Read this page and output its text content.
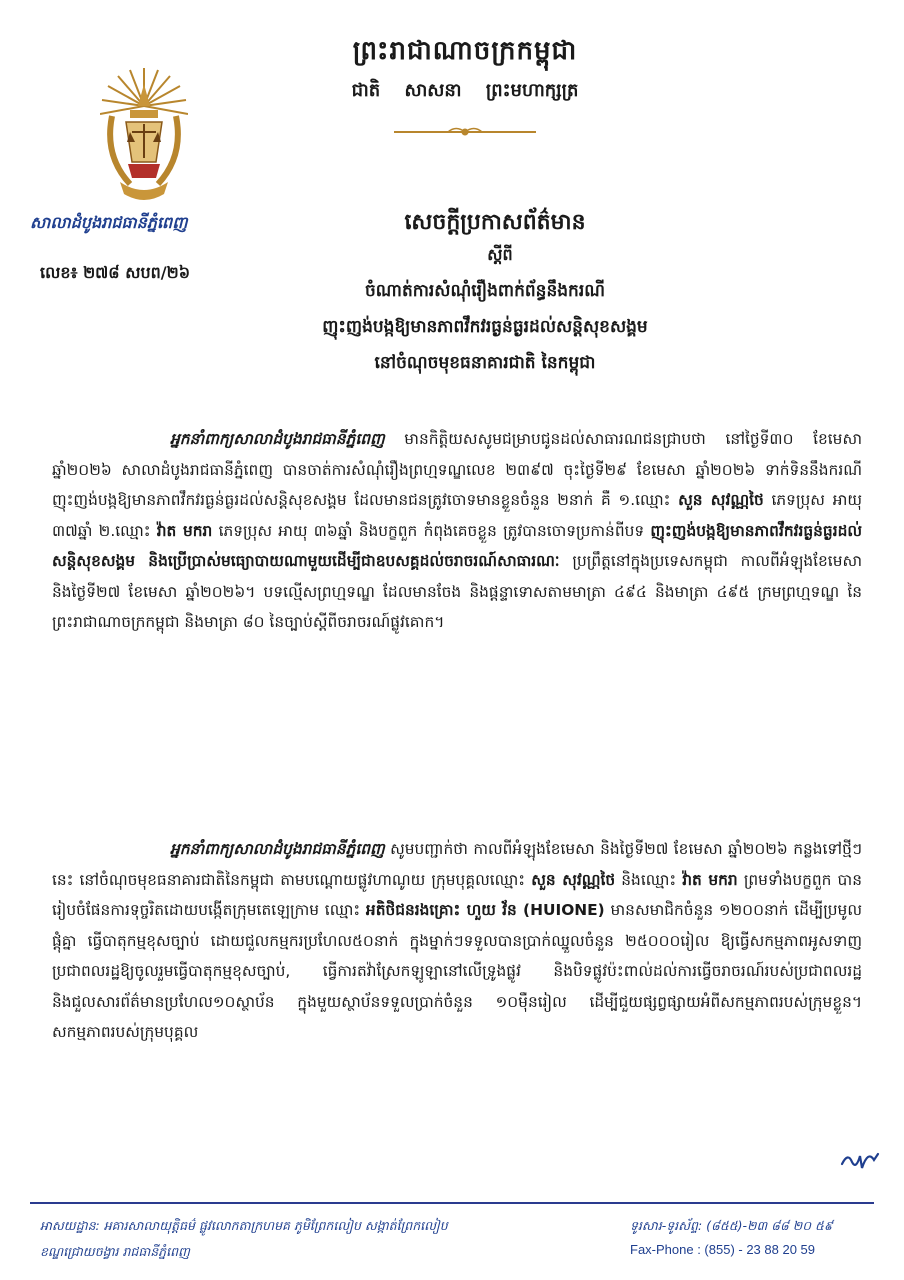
ព្រះរាជាណាចក្រកម្ពុជា
ជាតិ សាសនា ព្រះមហាក្សត្រ
សាលាដំបូងរាជធានីភ្នំពេញ
លេខ៖ ២៧៨ សបព/២៦
សេចក្តីប្រកាសព័ត៌មាន
ស្តីពី
ចំណាត់ការសំណុំរឿងពាក់ព័ន្ធនឹងករណី
ញុះញង់បង្កឱ្យមានភាពវឹកវរធ្ងន់ធ្ងរដល់សន្តិសុខសង្គម
នៅចំណុចមុខធនាគារជាតិ នៃកម្ពុជា

អ្នកនាំពាក្យសាលាដំបូងរាជធានីភ្នំពេញ មានកិត្តិយសសូមជម្រាបជូនដល់សាធារណជនជ្រាបថា នៅថ្ងៃទី៣០ ខែមេសា ឆ្នាំ២០២៦ សាលាដំបូងរាជធានីភ្នំពេញ បានចាត់ការសំណុំរឿងព្រហ្មទណ្ឌលេខ ២៣៩៧ ចុះថ្ងៃទី២៩ ខែមេសា ឆ្នាំ២០២៦ ទាក់ទិននឹងករណីញុះញង់បង្កឱ្យមានភាពវឹកវរធ្ងន់ធ្ងរដល់សន្តិសុខសង្គម ដែលមានជនត្រូវចោទមានខ្លួនចំនួន ២នាក់ គឺ ១.ឈ្មោះ សួន សុវណ្ណថៃ ភេទប្រុស អាយុ ៣៧ឆ្នាំ ២.ឈ្មោះ វ៉ាត មករា ភេទប្រុស អាយុ ៣៦ឆ្នាំ និងបក្ខពួក កំពុងគេចខ្លួន ត្រូវបានចោទប្រកាន់ពីបទ ញុះញង់បង្កឱ្យមានភាពវឹកវរធ្ងន់ធ្ងរដល់សន្តិសុខសង្គម និងប្រើប្រាស់មធ្យោបាយណាមួយដើម្បីជាឧបសគ្គដល់ចរាចរណ៍សាធារណៈ ប្រព្រឹត្តនៅក្នុងប្រទេសកម្ពុជា កាលពីអំឡុងខែមេសា និងថ្ងៃទី២៧ ខែមេសា ឆ្នាំ២០២៦។ បទល្មើសព្រហ្មទណ្ឌ ដែលមានចែង និងផ្តន្ទាទោសតាមមាត្រា ៤៩៤ និងមាត្រា ៤៩៥ ក្រមព្រហ្មទណ្ឌ នៃព្រះរាជាណាចក្រកម្ពុជា និងមាត្រា ៨០ នៃច្បាប់ស្តីពីចរាចរណ៍ផ្លូវគោក។

អ្នកនាំពាក្យសាលាដំបូងរាជធានីភ្នំពេញ សូមបញ្ជាក់ថា កាលពីអំឡុងខែមេសា និងថ្ងៃទី២៧ ខែមេសា ឆ្នាំ២០២៦ កន្លងទៅថ្មីៗនេះ នៅចំណុចមុខធនាគារជាតិនៃកម្ពុជា តាមបណ្តោយផ្លូវហាណូយ ក្រុមបុគ្គលឈ្មោះ សួន សុវណ្ណថៃ និងឈ្មោះ វ៉ាត មករា ព្រមទាំងបក្ខពួក បានរៀបចំផែនការទុច្ចរិតដោយបង្កើតក្រុមតេឡេក្រាម ឈ្មោះ អតិថិជនរងគ្រោះ ហួយ វ័ន (HUIONE) មានសមាជិកចំនួន ១២០០នាក់ ដើម្បីប្រមូលផ្តុំគ្នា ធ្វើបាតុកម្មខុសច្បាប់ ដោយជួលកម្មករប្រហែល៥០នាក់ ក្នុងម្នាក់ៗទទួលបានប្រាក់ឈ្នួលចំនួន ២៥០០០រៀល ឱ្យធ្វើសកម្មភាពអូសទាញ ប្រជាពលរដ្ឋឱ្យចូលរួមធ្វើបាតុកម្មខុសច្បាប់, ធ្វើការតវ៉ាស្រែកឡូឡានៅលើទ្រូងផ្លូវ និងបិទផ្លូវប៉ះពាល់ដល់ការធ្វើចរាចរណ៍របស់ប្រជាពលរដ្ឋ និងជួលសារព័ត៌មានប្រហែល១០ស្ថាប័ន ក្នុងមួយស្ថាប័នទទួលប្រាក់ចំនួន ១០ម៉ឺនរៀល ដើម្បីជួយផ្សព្វផ្សាយអំពីសកម្មភាពរបស់ក្រុមខ្លួន។ សកម្មភាពរបស់ក្រុមបុគ្គល

អាសយដ្ឋាន: អគារសាលាយុត្តិធម៌ ផ្លូវលោកតាក្រហមគ ភូមិព្រែកលៀប សង្កាត់ព្រែកលៀប
ខណ្ឌជ្រោយចង្វារ រាជធានីភ្នំពេញ
ទូរសារ-ទូរស័ព្ទ: (៨៥៥)-២៣ ៨៨ ២០ ៥៩
Fax-Phone : (855) - 23 88 20 59
